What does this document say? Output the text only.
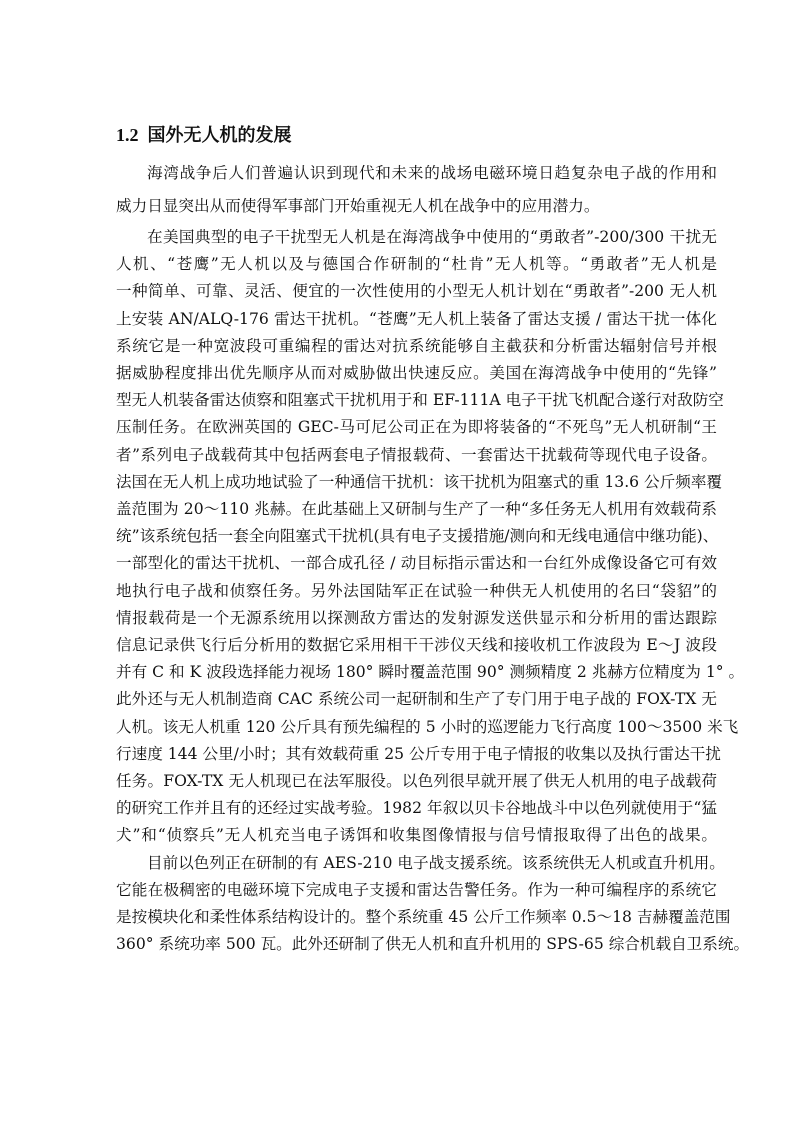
1.2 国外无人机的发展
海湾战争后人们普遍认识到现代和未来的战场电磁环境日趋复杂电子战的作用和
威力日显突出从而使得军事部门开始重视无人机在战争中的应用潜力。
在美国典型的电子干扰型无人机是在海湾战争中使用的“勇敢者”-200/300 干扰无
人机、“苍鹰”无人机以及与德国合作研制的“杜肯”无人机等。“勇敢者”无人机是
一种简单、可靠、灵活、便宜的一次性使用的小型无人机计划在“勇敢者”-200 无人机
上安装 AN/ALQ-176 雷达干扰机。“苍鹰”无人机上装备了雷达支援 / 雷达干扰一体化
系统它是一种宽波段可重编程的雷达对抗系统能够自主截获和分析雷达辐射信号并根
据威胁程度排出优先顺序从而对威胁做出快速反应。美国在海湾战争中使用的“先锋”
型无人机装备雷达侦察和阻塞式干扰机用于和 EF-111A 电子干扰飞机配合遂行对敌防空
压制任务。在欧洲英国的 GEC-马可尼公司正在为即将装备的“不死鸟”无人机研制“王
者”系列电子战载荷其中包括两套电子情报载荷、一套雷达干扰载荷等现代电子设备。
法国在无人机上成功地试验了一种通信干扰机：该干扰机为阻塞式的重 13.6 公斤频率覆
盖范围为 20～110 兆赫。在此基础上又研制与生产了一种“多任务无人机用有效载荷系
统”该系统包括一套全向阻塞式干扰机(具有电子支援措施/测向和无线电通信中继功能)、
一部型化的雷达干扰机、一部合成孔径 / 动目标指示雷达和一台红外成像设备它可有效
地执行电子战和侦察任务。另外法国陆军正在试验一种供无人机使用的名曰“袋貂”的
情报载荷是一个无源系统用以探测敌方雷达的发射源发送供显示和分析用的雷达跟踪
信息记录供飞行后分析用的数据它采用相干干涉仪天线和接收机工作波段为 E～J 波段
并有 C 和 K 波段选择能力视场 180° 瞬时覆盖范围 90° 测频精度 2 兆赫方位精度为 1° 。
此外还与无人机制造商 CAC 系统公司一起研制和生产了专门用于电子战的 FOX-TX 无
人机。该无人机重 120 公斤具有预先编程的 5 小时的巡逻能力飞行高度 100～3500 米飞
行速度 144 公里/小时；其有效载荷重 25 公斤专用于电子情报的收集以及执行雷达干扰
任务。FOX-TX 无人机现已在法军服役。以色列很早就开展了供无人机用的电子战载荷
的研究工作并且有的还经过实战考验。1982 年叙以贝卡谷地战斗中以色列就使用于“猛
犬”和“侦察兵”无人机充当电子诱饵和收集图像情报与信号情报取得了出色的战果。
目前以色列正在研制的有 AES-210 电子战支援系统。该系统供无人机或直升机用。
它能在极稠密的电磁环境下完成电子支援和雷达告警任务。作为一种可编程序的系统它
是按模块化和柔性体系结构设计的。整个系统重 45 公斤工作频率 0.5～18 吉赫覆盖范围
360° 系统功率 500 瓦。此外还研制了供无人机和直升机用的 SPS-65 综合机载自卫系统。
